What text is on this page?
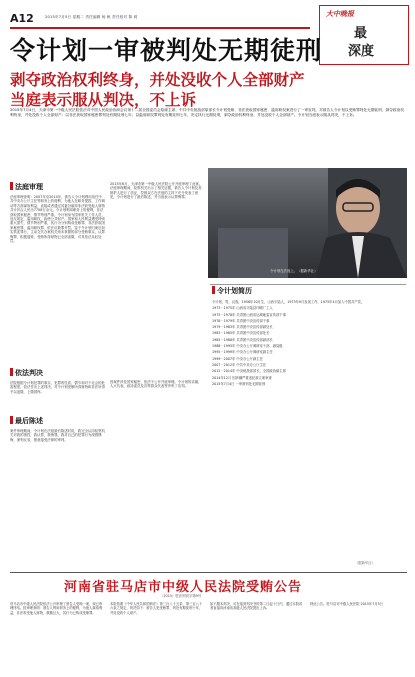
A12	2015年7月5日 星期二 责任编辑 杨 帆 责任校对 陈 莉	大中晚报
最
深度
令计划一审被判处无期徒刑
剥夺政治权利终身，并处没收个人全部财产
当庭表示服从判决，不上诉
2015年7月4日，天津市第一中级人民法院依法对中国人民政治协商会议第十二届全国委员会原副主席、中共中央统战部原部长令计划受贿、非法获取国家秘密、滥用职权案进行了一审宣判，对被告人令计划以受贿罪判处无期徒刑，剥夺政治权利终身，并处没收个人全部财产；以非法获取国家秘密罪判处有期徒刑七年；以滥用职权罪判处有期徒刑七年，决定执行无期徒刑，剥夺政治权利终身，并处没收个人全部财产。令计划当庭表示服从判决，不上诉。
法庭审理
法庭审理查明：2007年至2014年，被告人令计划利用担任中共中央办公厅主任等职务上的便利，为他人在职务提拔、工作调动等方面谋取利益，直接或者通过其妻谷丽萍非法收受他人财物共计折合人民币7708万余元。令计划利用职务上的便利，非法获取国家秘密，情节特别严重。令计划身为国家机关工作人员，违反规定，滥用职权，致使公共财产、国家和人民利益遭受特别重大损失，情节特别严重，其行为分别构成受贿罪、非法获取国家秘密罪、滥用职权罪，依法应数罪并罚。鉴于令计划归案后如实供述罪行，主动交代办案机关尚未掌握的部分受贿事实，认罪悔罪，积极退赃，受贿所得财物已全部追缴，对其依法从轻处罚。
依法判决
法院根据令计划犯罪的事实、犯罪的性质、情节和对于社会的危害程度，依法作出上述判决。对令计划受贿所得财物和非法所得予以追缴，上缴国库。
最后陈述
案件审理期间，令计划在法庭最后陈述时说，我完全认同检察机关对我的指控，我认罪，我悔罪。我对自己的犯罪行为深感懊悔，深刻反省，愿意接受法律的审判。
2015年6月，天津市第一中级人民法院公开开庭审理了此案。法庭审理期间，检察机关出示了相关证据，被告人令计划及其辩护人进行了质证，控辩双方在法庭的主持下充分发表了意见，令计划进行了最后陈述，并当庭表示认罪悔罪。
因案件涉及国家秘密，依法不公开开庭审理。令计划的亲属、人大代表、政协委员及各界群众代表等旁听了宣判。
令计划在法庭上。（据新华社）
令计划简历
令计划，男，汉族，1956年10月生，山西平陆人，1973年9月参加工作，1975年4月加入中国共产党。
1973－1975年 山西省平陆县印刷厂工人
1975－1978年 共青团山西省运城地委宣传部干事
1978－1979年 共青团中央宣传部干事
1979－1983年 共青团中央宣传部副处长
1983－1985年 共青团中央宣传部处长
1985－1988年 共青团中央宣传部副部长
1988－1995年 中央办公厅调研室干部、副局级
1995－1999年 中央办公厅调研室副主任
1999－2007年 中央办公厅副主任
2007－2012年 中共中央办公厅主任
2012－2014年 中央统战部部长、全国政协副主席
2014年12月 因涉嫌严重违纪被立案审查
2015年7月4日 一审被判处无期徒刑
（据新华社）
河南省驻马店市中级人民法院受贿公告
（2015）驻法刑初字第9号
驻马店市中级人民法院依法公开审理了被告人受贿一案，现已审理终结。经审理查明：被告人利用职务上的便利，为他人谋取利益，非法收受他人财物，数额巨大，其行为已构成受贿罪。
本院依照《中华人民共和国刑法》第三百八十五条、第三百八十六条之规定，判决如下：被告人犯受贿罪，判处有期徒刑十年，并处没收个人财产。
如不服本判决，可在接到判决书的第二日起十日内，通过本院或者直接向河南省高级人民法院提出上诉。
特此公告。驻马店市中级人民法院 2015年7月5日
